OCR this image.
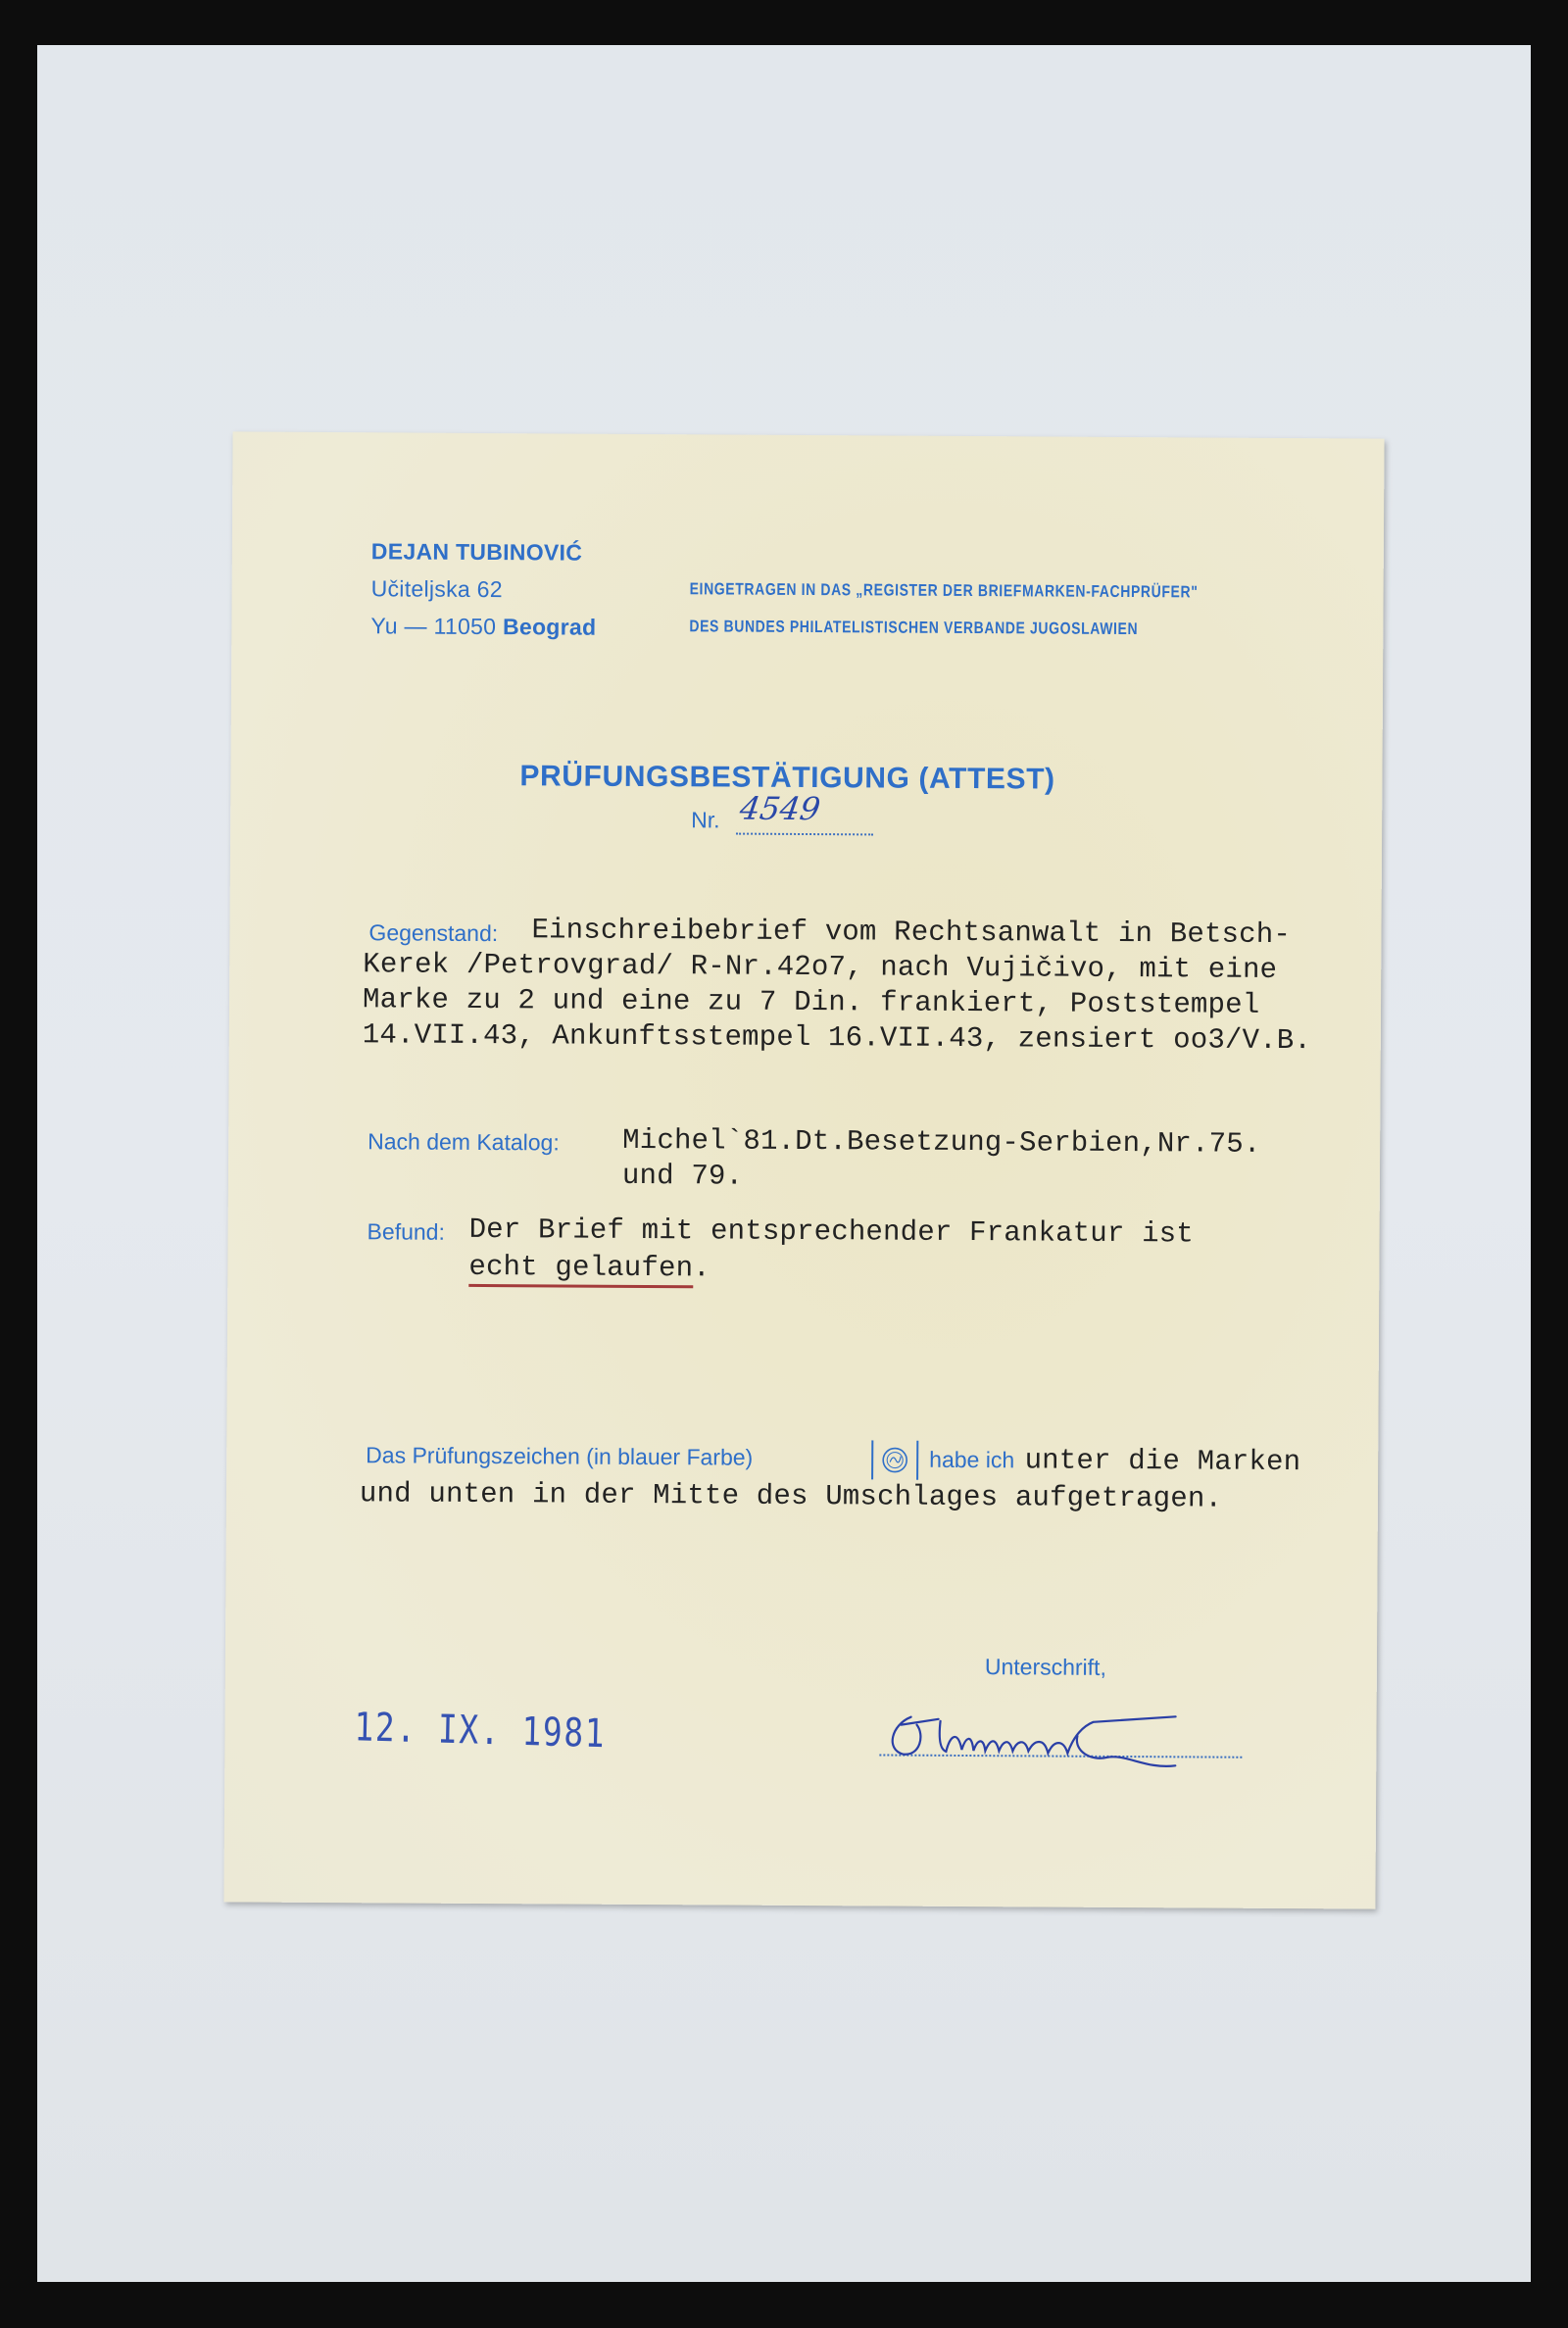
DEJAN TUBINOVIĆ
Učiteljska 62
Yu — 11050 Beograd
EINGETRAGEN IN DAS „REGISTER DER BRIEFMARKEN-FACHPRÜFER"
DES BUNDES PHILATELISTISCHEN VERBANDE JUGOSLAWIEN
PRÜFUNGSBESTÄTIGUNG (ATTEST)
Nr. 4549

Gegenstand: Einschreibebrief vom Rechtsanwalt in Betsch-
Kerek /Petrovgrad/ R-Nr.42o7, nach Vujičivo, mit eine
Marke zu 2 und eine zu 7 Din. frankiert, Poststempel
14.VII.43, Ankunftsstempel 16.VII.43, zensiert oo3/V.B.
Nach dem Katalog: Michel`81.Dt.Besetzung-Serbien,Nr.75.
und 79.
Befund: Der Brief mit entsprechender Frankatur ist
echt gelaufen.
Das Prüfungszeichen (in blauer Farbe)	habe ich unter die Marken
und unten in der Mitte des Umschlages aufgetragen.
Unterschrift,
12. IX. 1981
